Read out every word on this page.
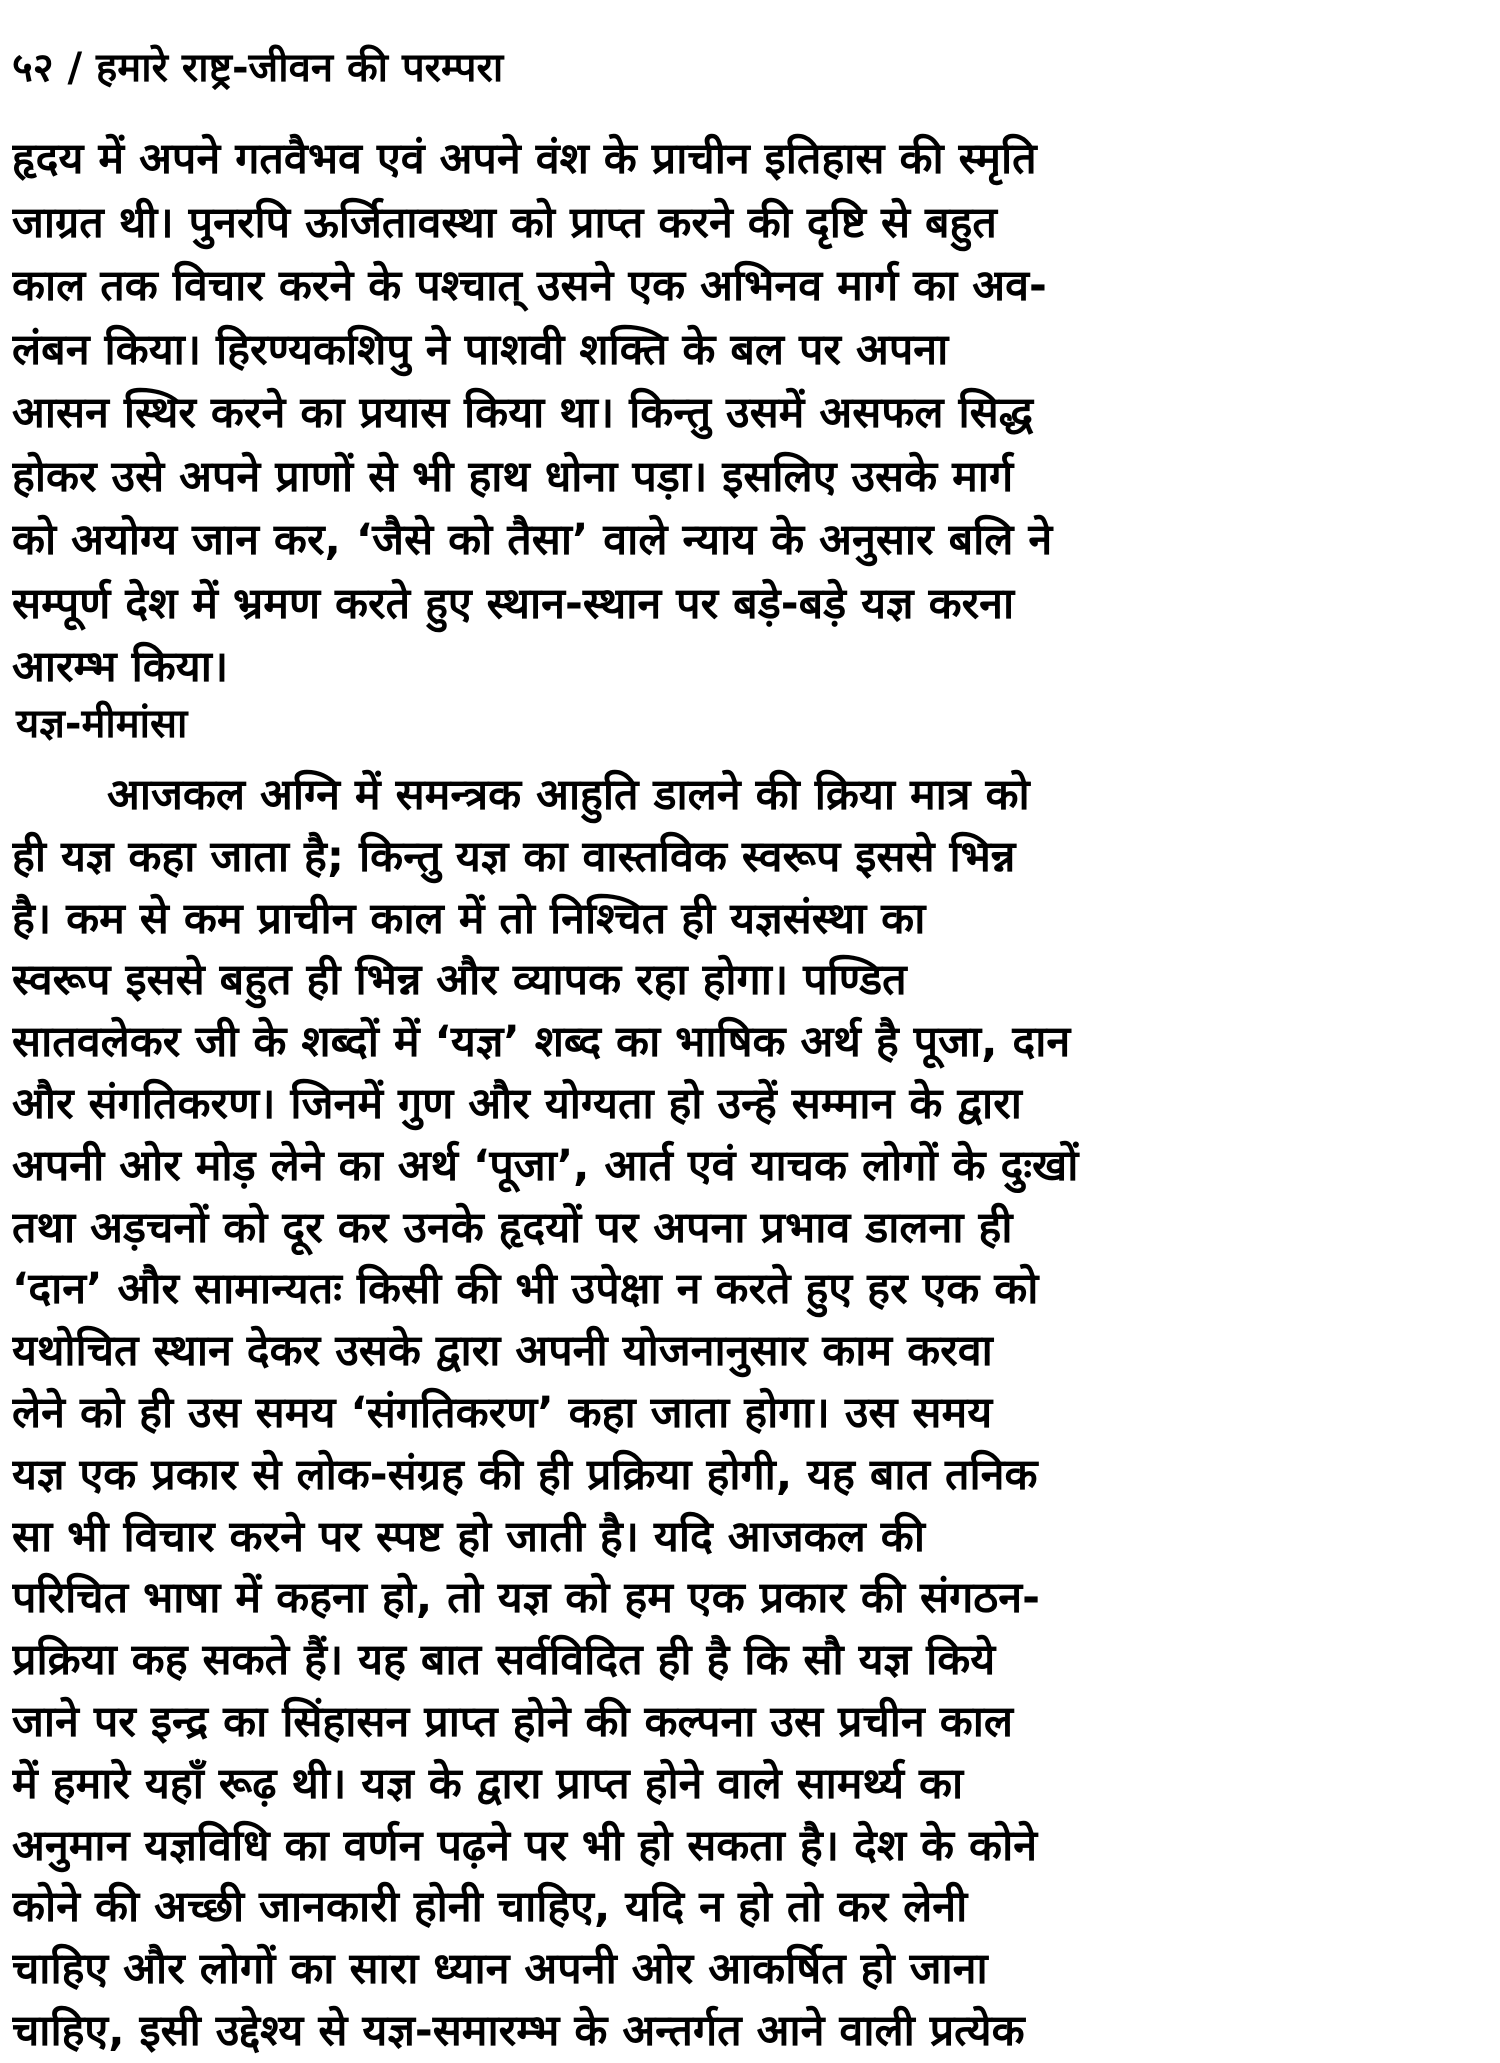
५२ / हमारे राष्ट्र-जीवन की परम्परा
हृदय में अपने गतवैभव एवं अपने वंश के प्राचीन इतिहास की स्मृति
जाग्रत थी। पुनरपि ऊर्जितावस्था को प्राप्त करने की दृष्टि से बहुत
काल तक विचार करने के पश्चात् उसने एक अभिनव मार्ग का अव-
लंबन किया। हिरण्यकशिपु ने पाशवी शक्ति के बल पर अपना
आसन स्थिर करने का प्रयास किया था। किन्तु उसमें असफल सिद्ध
होकर उसे अपने प्राणों से भी हाथ धोना पड़ा। इसलिए उसके मार्ग
को अयोग्य जान कर, ‘जैसे को तैसा’ वाले न्याय के अनुसार बलि ने
सम्पूर्ण देश में भ्रमण करते हुए स्थान-स्थान पर बड़े-बड़े यज्ञ करना
आरम्भ किया।
यज्ञ-मीमांसा
आजकल अग्नि में समन्त्रक आहुति डालने की क्रिया मात्र को
ही यज्ञ कहा जाता है; किन्तु यज्ञ का वास्तविक स्वरूप इससे भिन्न
है। कम से कम प्राचीन काल में तो निश्चित ही यज्ञसंस्था का
स्वरूप इससे बहुत ही भिन्न और व्यापक रहा होगा। पण्डित
सातवलेकर जी के शब्दों में ‘यज्ञ’ शब्द का भाषिक अर्थ है पूजा, दान
और संगतिकरण। जिनमें गुण और योग्यता हो उन्हें सम्मान के द्वारा
अपनी ओर मोड़ लेने का अर्थ ‘पूजा’, आर्त एवं याचक लोगों के दुःखों
तथा अड़चनों को दूर कर उनके हृदयों पर अपना प्रभाव डालना ही
‘दान’ और सामान्यतः किसी की भी उपेक्षा न करते हुए हर एक को
यथोचित स्थान देकर उसके द्वारा अपनी योजनानुसार काम करवा
लेने को ही उस समय ‘संगतिकरण’ कहा जाता होगा। उस समय
यज्ञ एक प्रकार से लोक-संग्रह की ही प्रक्रिया होगी, यह बात तनिक
सा भी विचार करने पर स्पष्ट हो जाती है। यदि आजकल की
परिचित भाषा में कहना हो, तो यज्ञ को हम एक प्रकार की संगठन-
प्रक्रिया कह सकते हैं। यह बात सर्वविदित ही है कि सौ यज्ञ किये
जाने पर इन्द्र का सिंहासन प्राप्त होने की कल्पना उस प्रचीन काल
में हमारे यहाँ रूढ़ थी। यज्ञ के द्वारा प्राप्त होने वाले सामर्थ्य का
अनुमान यज्ञविधि का वर्णन पढ़ने पर भी हो सकता है। देश के कोने
कोने की अच्छी जानकारी होनी चाहिए, यदि न हो तो कर लेनी
चाहिए और लोगों का सारा ध्यान अपनी ओर आकर्षित हो जाना
चाहिए, इसी उद्देश्य से यज्ञ-समारम्भ के अन्तर्गत आने वाली प्रत्येक
